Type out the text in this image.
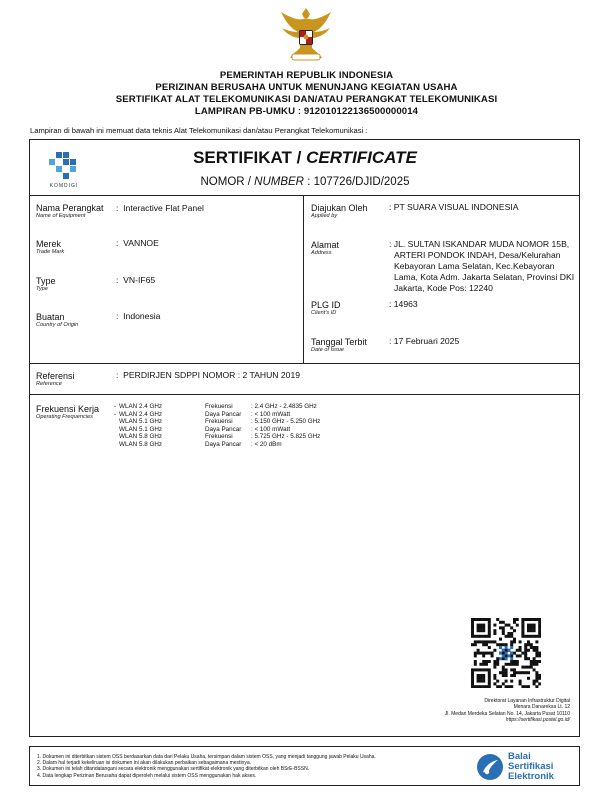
PEMERINTAH REPUBLIK INDONESIA
PERIZINAN BERUSAHA UNTUK MENUNJANG KEGIATAN USAHA
SERTIFIKAT ALAT TELEKOMUNIKASI DAN/ATAU PERANGKAT TELEKOMUNIKASI
LAMPIRAN PB-UMKU : 912010122136500000014
Lampiran di bawah ini memuat data teknis Alat Telekomunikasi dan/atau Perangkat Telekomunikasi :
KOMDIGI
SERTIFIKAT / CERTIFICATE
NOMOR / NUMBER : 107726/DJID/2025
Nama Perangkat
Name of Equipment
:  Interactive Flat Panel
Merek
Trade Mark
:  VANNOE
Type
Type
:  VN-IF65
Buatan
Country of Origin
:  Indonesia
Diajukan Oleh
Applied by
: PT SUARA VISUAL INDONESIA
Alamat
Address
: JL. SULTAN ISKANDAR MUDA NOMOR 15B,
ARTERI PONDOK INDAH, Desa/Kelurahan
Kebayoran Lama Selatan, Kec.Kebayoran
Lama, Kota Adm. Jakarta Selatan, Provinsi DKI
Jakarta, Kode Pos: 12240
PLG ID
Client's ID
: 14963
Tanggal Terbit
Date of Issue
: 17 Februari 2025
Referensi
Reference
:  PERDIRJEN SDPPI NOMOR : 2 TAHUN 2019
Frekuensi Kerja
Operating Frequencies
- WLAN 2.4 GHz	Frekuensi	: 2.4 GHz - 2.4835 GHz
- WLAN 2.4 GHz	Daya Pancar	: < 100 mWatt
WLAN 5.1 GHz	Frekuensi	: 5.150 GHz - 5.250 GHz
WLAN 5.1 GHz	Daya Pancar	: < 100 mWatt
WLAN 5.8 GHz	Frekuensi	: 5.725 GHz - 5.825 GHz
WLAN 5.8 GHz	Daya Pancar	: < 20 dBm
Direktorat Layanan Infrastruktur Digital
Menara Danareksa Lt. 12
Jl. Medan Merdeka Selatan No. 14, Jakarta Pusat 10110
https://sertifikasi.postel.go.id/
1. Dokumen ini diterbitkan sistem OSS berdasarkan data dari Pelaku Usaha, tersimpan dalam sistem OSS, yang menjadi tanggung jawab Pelaku Usaha.
2. Dalam hal terjadi kekeliruan isi dokumen ini akan dilakukan perbaikan sebagaimana mestinya.
3. Dokumen ini telah ditandatangani secara elektronik menggunakan sertifikat elektronik yang diterbitkan oleh BSrE-BSSN.
4. Data lengkap Perizinan Berusaha dapat diperoleh melalui sistem OSS menggunakan hak akses.
Balai
Sertifikasi
Elektronik
